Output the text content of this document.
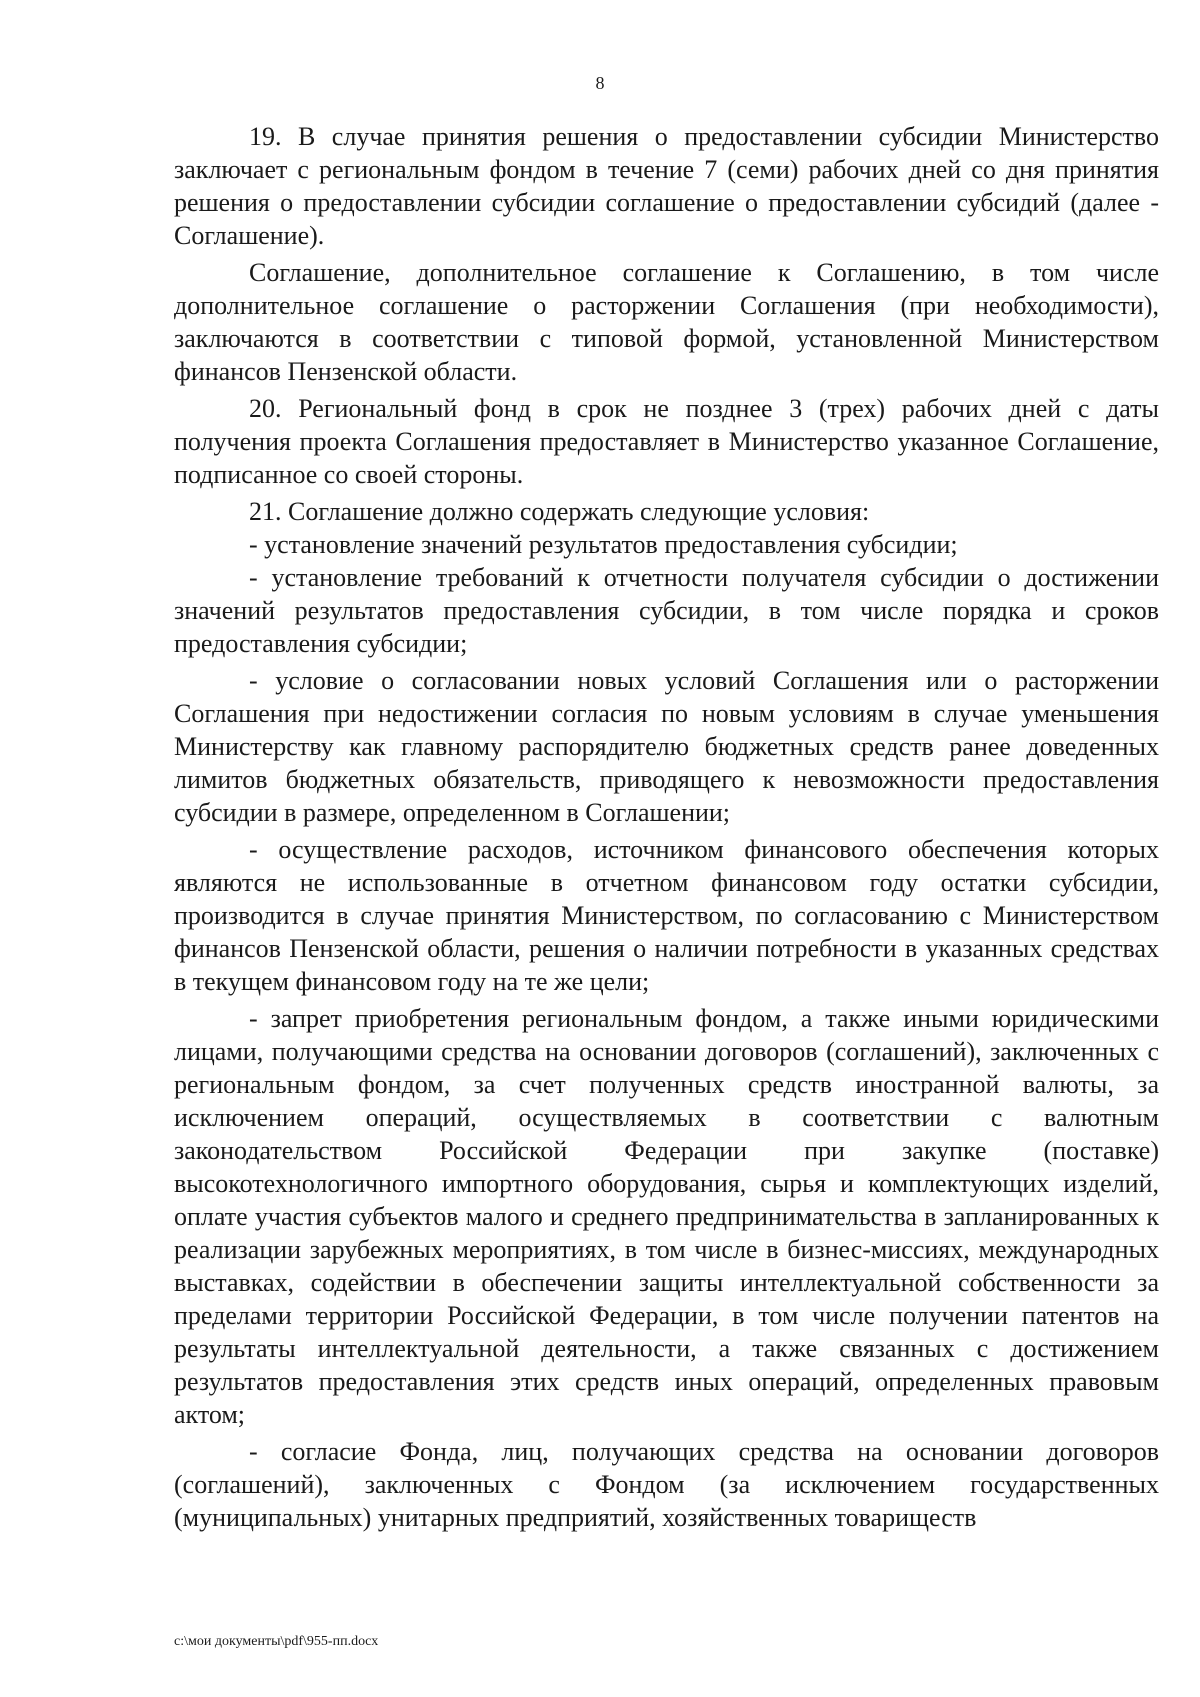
8

19. В случае принятия решения о предоставлении субсидии Министерство заключает с региональным фондом в течение 7 (семи) рабочих дней со дня принятия решения о предоставлении субсидии соглашение о предоставлении субсидий (далее - Соглашение).

Соглашение, дополнительное соглашение к Соглашению, в том числе дополнительное соглашение о расторжении Соглашения (при необходимости), заключаются в соответствии с типовой формой, установленной Министерством финансов Пензенской области.

20. Региональный фонд в срок не позднее 3 (трех) рабочих дней с даты получения проекта Соглашения предоставляет в Министерство указанное Соглашение, подписанное со своей стороны.

21. Соглашение должно содержать следующие условия:

- установление значений результатов предоставления субсидии;

- установление требований к отчетности получателя субсидии о достижении значений результатов предоставления субсидии, в том числе порядка и сроков предоставления субсидии;

- условие о согласовании новых условий Соглашения или о расторжении Соглашения при недостижении согласия по новым условиям в случае уменьшения Министерству как главному распорядителю бюджетных средств ранее доведенных лимитов бюджетных обязательств, приводящего к невозможности предоставления субсидии в размере, определенном в Соглашении;

- осуществление расходов, источником финансового обеспечения которых являются не использованные в отчетном финансовом году остатки субсидии, производится в случае принятия Министерством, по согласованию с Министерством финансов Пензенской области, решения о наличии потребности в указанных средствах в текущем финансовом году на те же цели;

- запрет приобретения региональным фондом, а также иными юридическими лицами, получающими средства на основании договоров (соглашений), заключенных с региональным фондом, за счет полученных средств иностранной валюты, за исключением операций, осуществляемых в соответствии с валютным законодательством Российской Федерации при закупке (поставке) высокотехнологичного импортного оборудования, сырья и комплектующих изделий, оплате участия субъектов малого и среднего предпринимательства в запланированных к реализации зарубежных мероприятиях, в том числе в бизнес-миссиях, международных выставках, содействии в обеспечении защиты интеллектуальной собственности за пределами территории Российской Федерации, в том числе получении патентов на результаты интеллектуальной деятельности, а также связанных с достижением результатов предоставления этих средств иных операций, определенных правовым актом;

- согласие Фонда, лиц, получающих средства на основании договоров (соглашений), заключенных с Фондом (за исключением государственных (муниципальных) унитарных предприятий, хозяйственных товариществ

c:\мои документы\pdf\955-пп.docx
